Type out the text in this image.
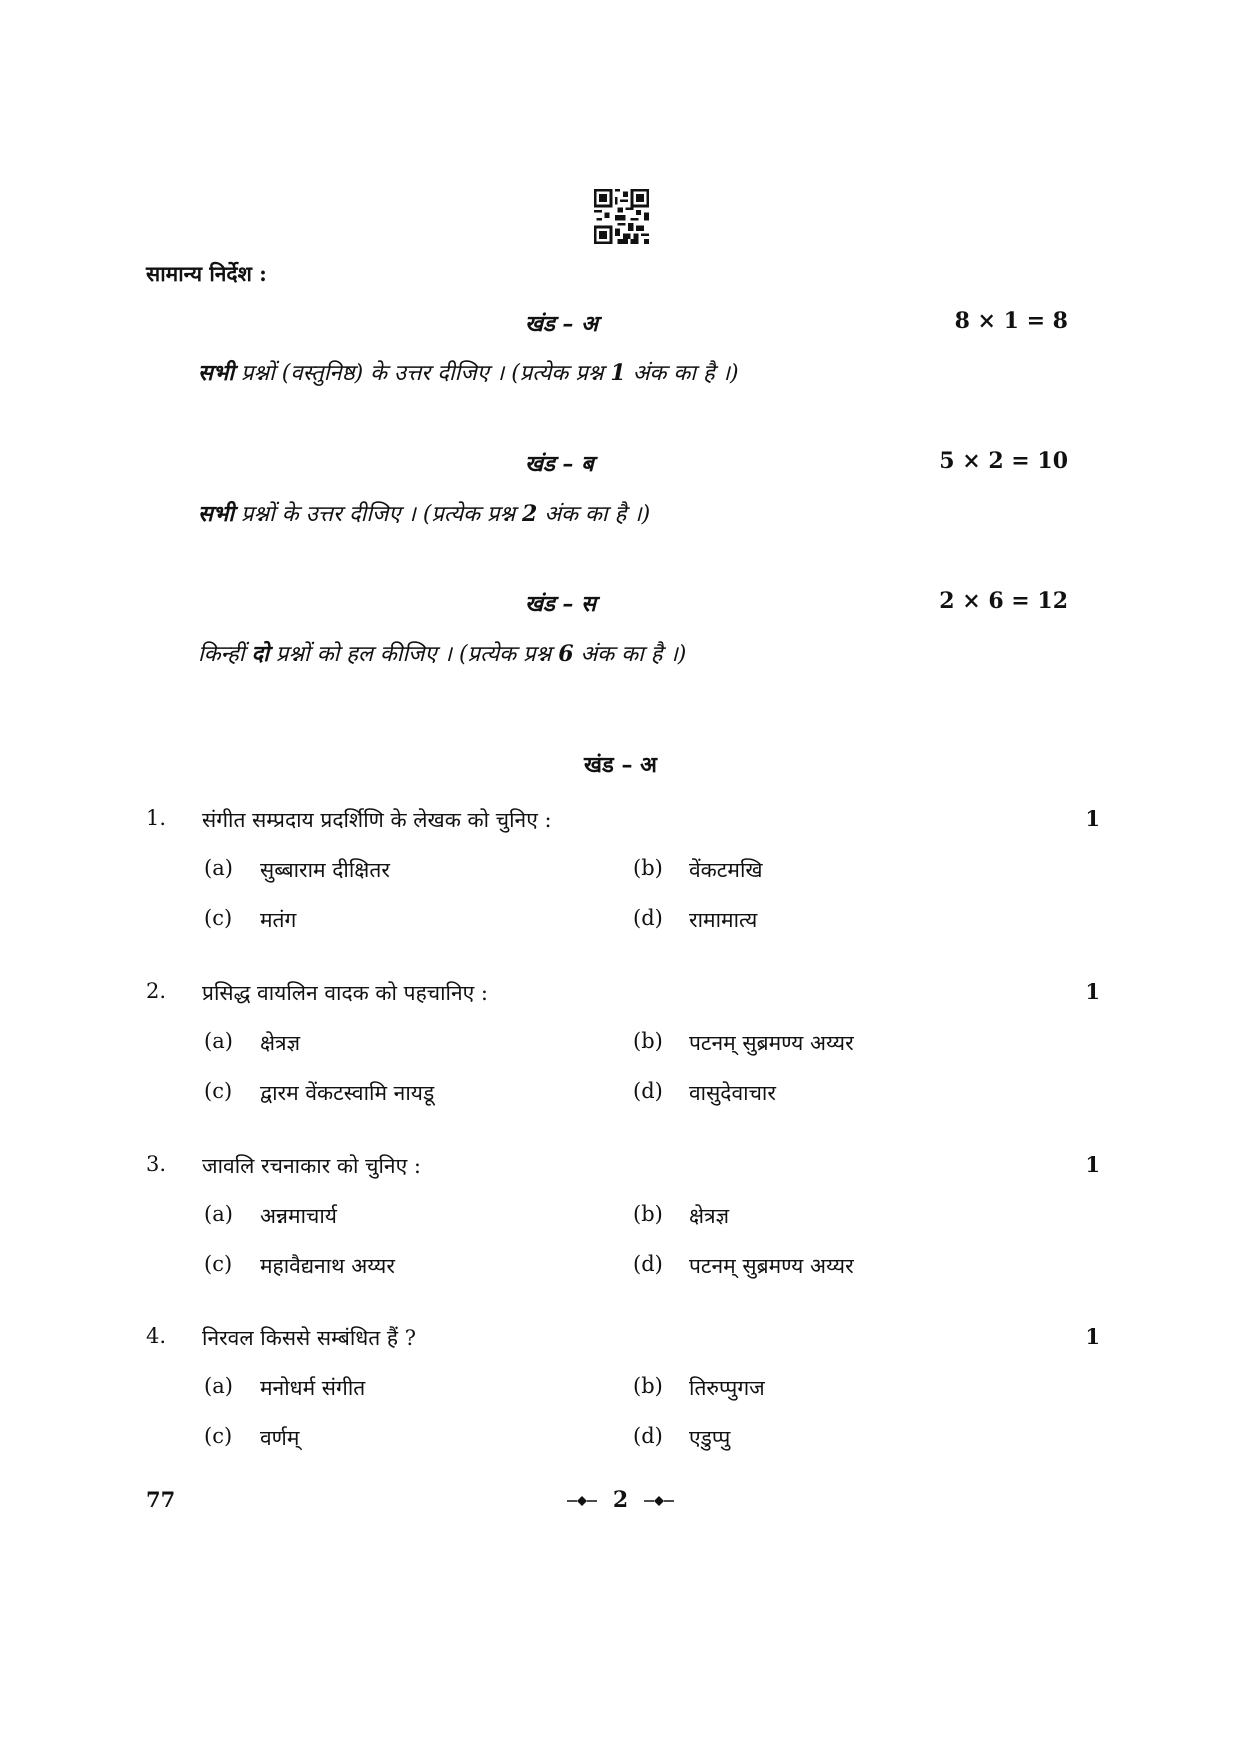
सामान्य निर्देश :
खंड – अ	8 × 1 = 8
सभी प्रश्नों (वस्तुनिष्ठ) के उत्तर दीजिए । (प्रत्येक प्रश्न 1 अंक का है ।)
खंड – ब	5 × 2 = 10
सभी प्रश्नों के उत्तर दीजिए । (प्रत्येक प्रश्न 2 अंक का है ।)
खंड – स	2 × 6 = 12
किन्हीं दो प्रश्नों को हल कीजिए । (प्रत्येक प्रश्न 6 अंक का है ।)
खंड – अ
1. संगीत सम्प्रदाय प्रदर्शिणि के लेखक को चुनिए :	1
(a) सुब्बाराम दीक्षितर	(b) वेंकटमखि
(c) मतंग	(d) रामामात्य
2. प्रसिद्ध वायलिन वादक को पहचानिए :	1
(a) क्षेत्रज्ञ	(b) पटनम् सुब्रमण्य अय्यर
(c) द्वारम वेंकटस्वामि नायडू	(d) वासुदेवाचार
3. जावलि रचनाकार को चुनिए :	1
(a) अन्नमाचार्य	(b) क्षेत्रज्ञ
(c) महावैद्यनाथ अय्यर	(d) पटनम् सुब्रमण्य अय्यर
4. निरवल किससे सम्बंधित हैं ?	1
(a) मनोधर्म संगीत	(b) तिरुप्पुगज
(c) वर्णम्	(d) एडुप्पु
77	2
